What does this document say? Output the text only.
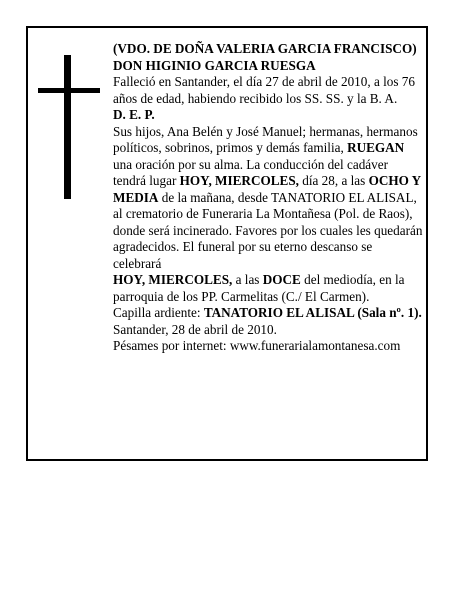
(VDO. DE DOÑA VALERIA GARCIA FRANCISCO)

DON HIGINIO GARCIA RUESGA

Falleció en Santander, el día 27 de abril de 2010, a los 76 años de edad, habiendo recibido los SS. SS. y la B. A.

D. E. P.

Sus hijos, Ana Belén y José Manuel; hermanas, hermanos políticos, sobrinos, primos y demás familia, RUEGAN una oración por su alma. La conducción del cadáver tendrá lugar HOY, MIERCOLES, día 28, a las OCHO Y MEDIA de la mañana, desde TANATORIO EL ALISAL, al crematorio de Funeraria La Montañesa (Pol. de Raos), donde será incinerado. Favores por los cuales les quedarán agradecidos. El funeral por su eterno descanso se celebrará

HOY, MIERCOLES, a las DOCE del mediodía, en la parroquia de los PP. Carmelitas (C./ El Carmen).

Capilla ardiente: TANATORIO EL ALISAL (Sala nº. 1).

Santander, 28 de abril de 2010.

Pésames por internet: www.funerarialamontanesa.com
